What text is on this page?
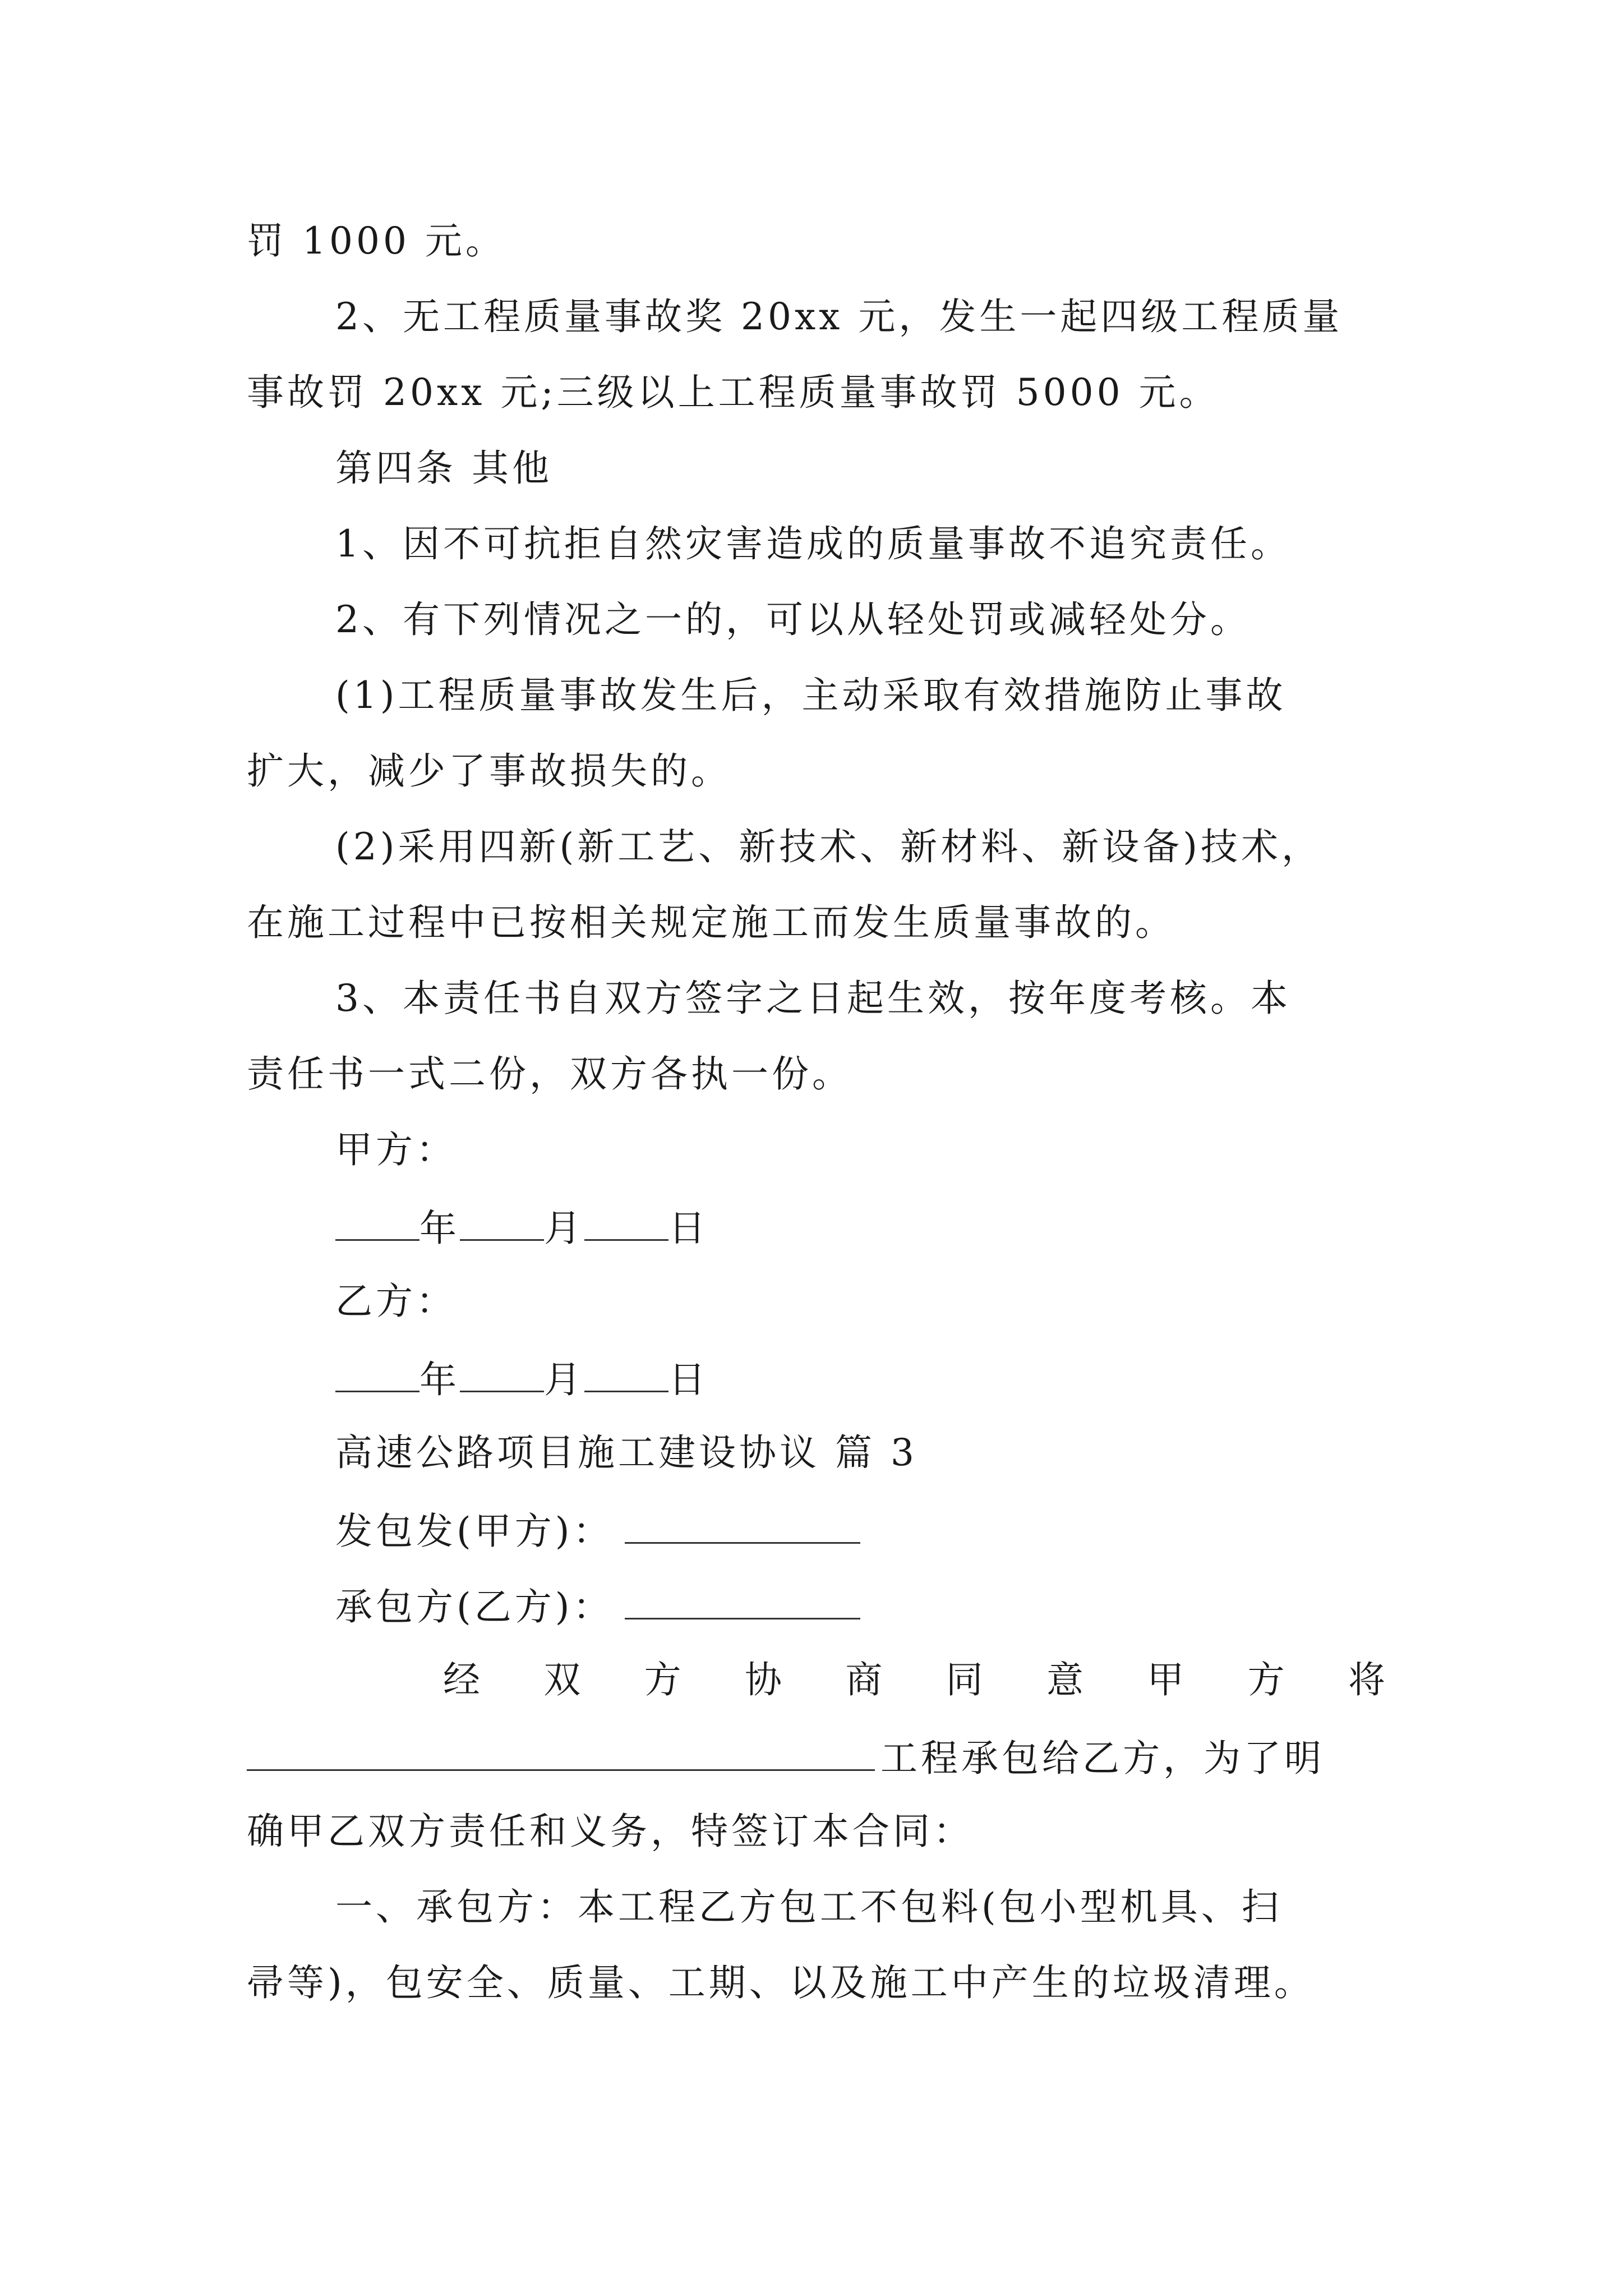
罚 1000 元。
2、无工程质量事故奖 20xx 元，发生一起四级工程质量
事故罚 20xx 元;三级以上工程质量事故罚 5000 元。
第四条 其他
1、因不可抗拒自然灾害造成的质量事故不追究责任。
2、有下列情况之一的，可以从轻处罚或减轻处分。
(1)工程质量事故发生后，主动采取有效措施防止事故
扩大，减少了事故损失的。
(2)采用四新(新工艺、新技术、新材料、新设备)技术，
在施工过程中已按相关规定施工而发生质量事故的。
3、本责任书自双方签字之日起生效，按年度考核。本
责任书一式二份，双方各执一份。
甲方：
年 月 日
乙方：
年 月 日
高速公路项目施工建设协议 篇 3
发包发(甲方)：
承包方(乙方)：
经 双 方 协 商 同 意 甲 方 将
工程承包给乙方，为了明
确甲乙双方责任和义务，特签订本合同：
一、承包方：本工程乙方包工不包料(包小型机具、扫
帚等)，包安全、质量、工期、以及施工中产生的垃圾清理。
